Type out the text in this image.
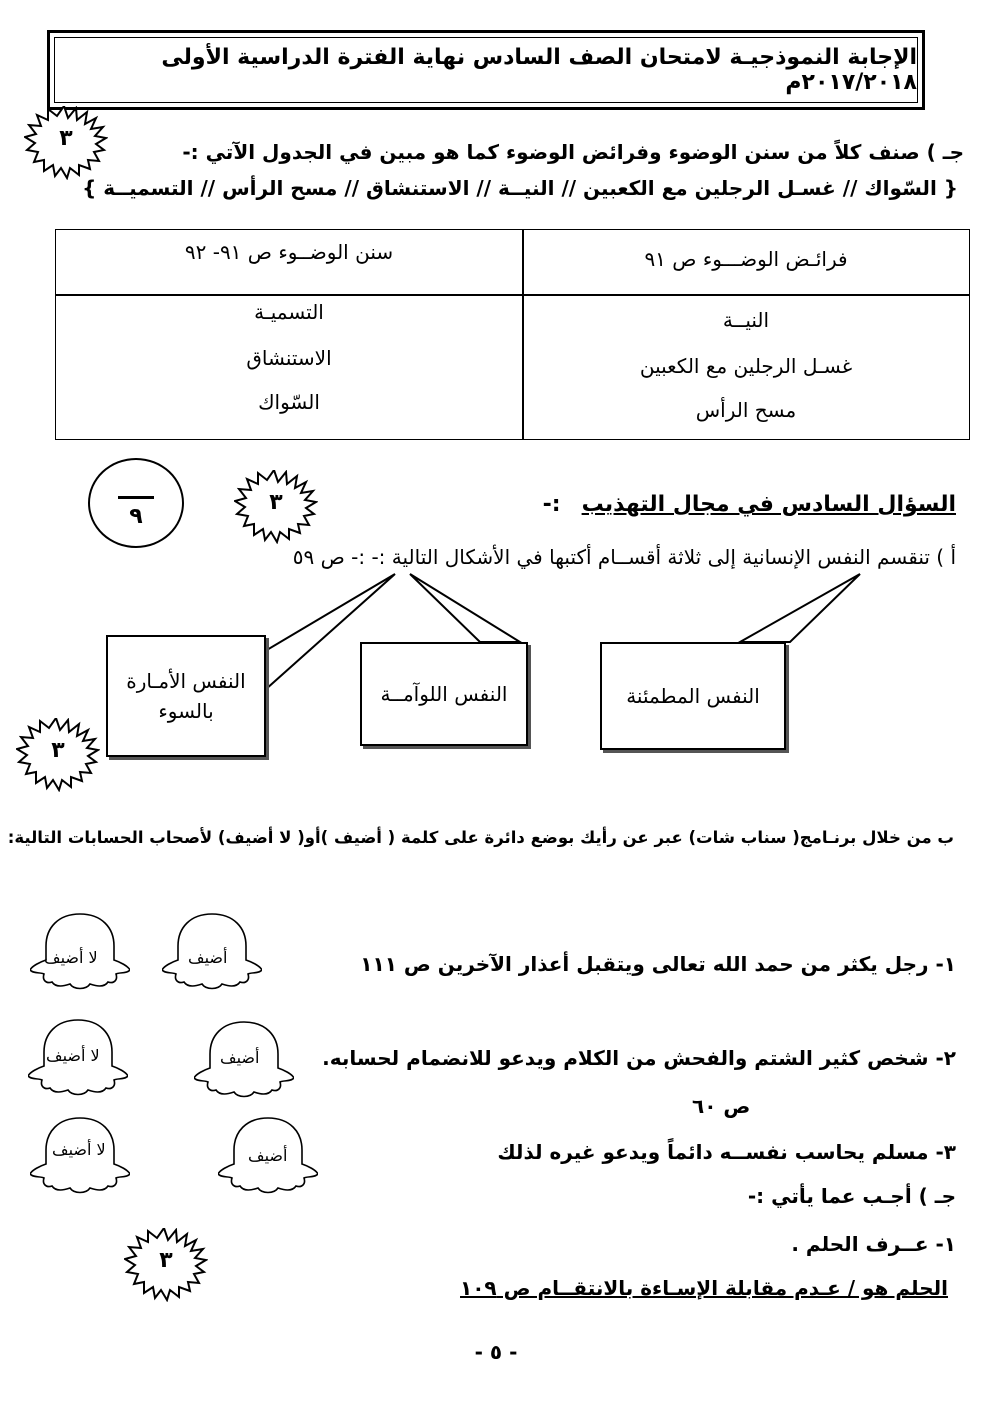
الإجابة النموذجيـة لامتحان الصف السادس نهاية الفترة الدراسية الأولى ٢٠١٧/٢٠١٨م
٣
جـ ) صنف كلاً من سنن الوضوء وفرائض الوضوء كما هو مبين في الجدول الآتي :-
{ السّواك // غسـل الرجلين مع الكعبين // النيــة // الاستنشاق // مسح الرأس // التسميــة }
فرائـض الوضـــوء ص ٩١
سنن الوضــوء ص ٩١- ٩٢
النيــة
غسـل الرجلين مع الكعبين
مسح الرأس
التسميـة
الاستنشاق
السّواك
٩
٣	السؤال السادس في مجال التهذيب :-
أ ) تنقسم النفس الإنسانية إلى ثلاثة أقســام أكتبها في الأشكال التالية :- :- ص ٥٩
النفس المطمئنة
النفس اللوآمــة
النفس الأمـارة بالسوء
٣
ب من خلال برنـامج( سناب شات) عبر عن رأيك بوضع دائرة على كلمة ( أضيف )أو( لا أضيف) لأصحاب الحسابات التالية:
أضيف
لا أضيف
أضيف
لا أضيف
أضيف
لا أضيف
١- رجل يكثر من حمد الله تعالى ويتقبل أعذار الآخرين ص ١١١
٢- شخص كثير الشتم والفحش من الكلام ويدعو للانضمام لحسابه.
ص ٦٠
٣- مسلم يحاسب نفســه دائماً ويدعو غيره لذلك
جـ ) أجـب عما يأتي :-
٣
١- عــرف الحلم .
الحلم هو / عـدم مقابلة الإسـاءة بالانتقــام ص ١٠٩
- ٥ -
